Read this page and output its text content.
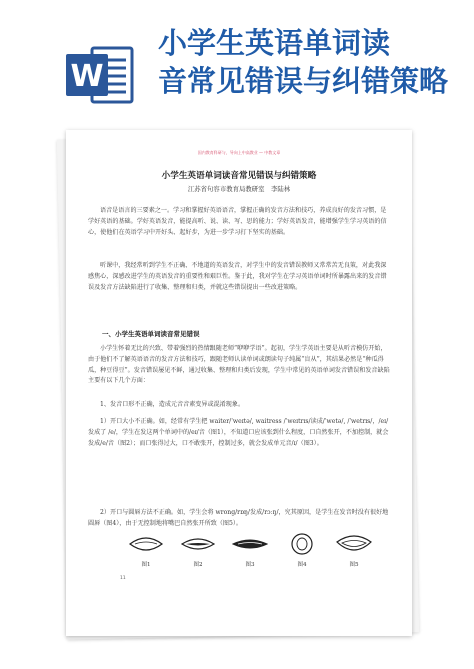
W
小学生英语单词读
音常见错误与纠错策略
国内教育科研与，导向上中高教业 — 中教文章
小学生英语单词读音常见错误与纠错策略
江苏省句容市教育局教研室　李陆林
语音是语言的三要素之一。学习和掌握好英语语音，掌握正确的发音方法和技巧，养成良好的发音习惯，是学好英语的基础。学好英语发音，能提高听、说、读、写、思的能力；学好英语发音，能增强学生学习英语的信心，使他们在英语学习中开好头、起好步，为进一步学习打下坚实的基础。
听课中，我经常听到学生不正确、不地道的英语发音，对学生中的发音错误教师又常常苦无良策，对此我深感焦心，深感改进学生的英语发音的重要性和艰巨性。鉴于此，我对学生在学习英语单词时所暴露出来的发音错误及发音方法缺陷进行了收集、整理和归类，并就这些错误提出一些改进策略。
一、小学生英语单词读音常见错误
小学生怀着无比的兴致、带着强烈的热情跟随老师“咿咿学语”。起初，学生学英语主要是从听音模仿开始，由于他们不了解英语语音的发音方法和技巧，跟随老师认读单词或朗读句子纯属“盲从”，其结果必然是“种瓜得瓜，种豆得豆”。发音错误屡见不鲜，通过收集、整理和归类后发现，学生中常见的英语单词发音错误和发音缺陷主要有以下几个方面：
1、发音口形不正确，造成元音音素变异或混淆现象。
1）开口大小不正确。如，经常有学生把 waiter/ˈweɪtə/, waitress /ˈweɪtrɪs/读成/ˈwetə/, /ˈwetrɪs/，/eɪ/ 发成了 /e/，学生在发这两个单词中的/eɪ/音（图1），不知道口应该张到什么程度，口自然张开，不加控制，就会发成/e/音（图2）；而口张得过大，口不敢张开，控制过多，就会发成单元音/ɪ/（图3）。
2）开口与圆唇方法不正确。如，学生会将 wrong/rɒŋ/发成/rɔːŋ/，究其原因，是学生在发音时没有很好地圆唇（图4），由于无控制地将嘴巴自然张开所致（图5）。
图1	图2	图3	图4	图5
11
